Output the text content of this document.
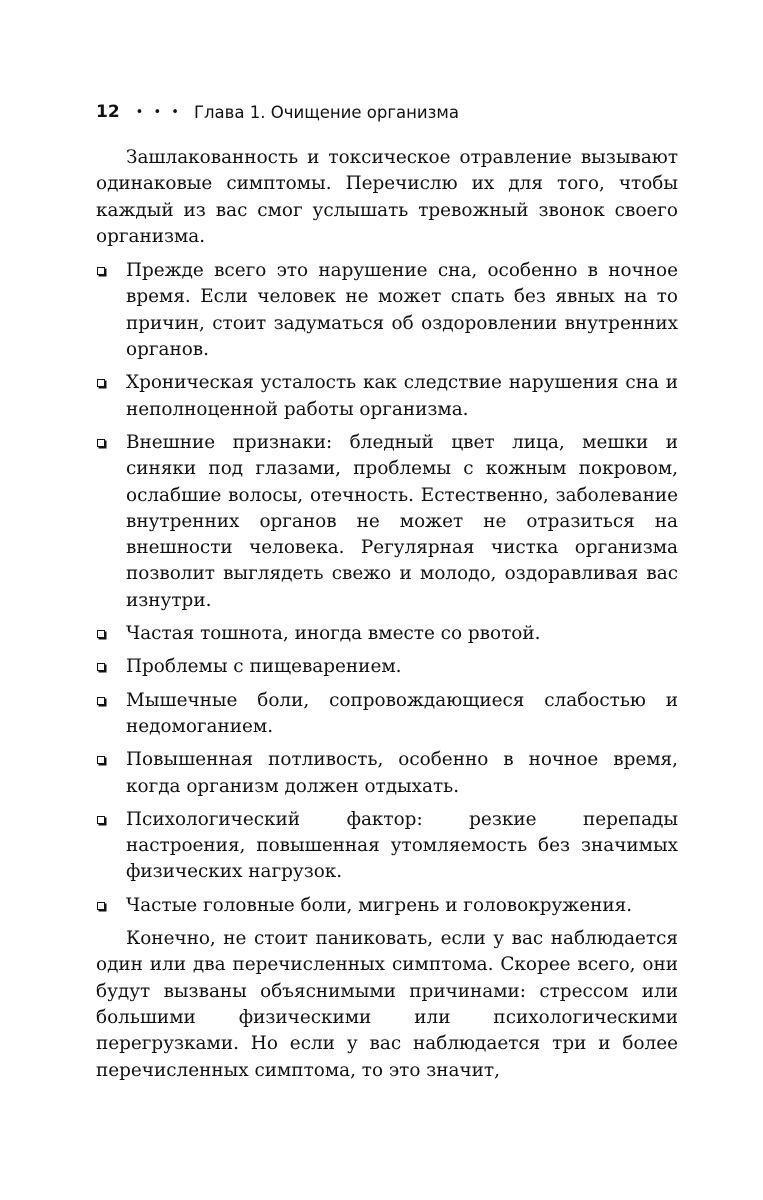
12 • • • Глава 1. Очищение организма

Зашлакованность и токсическое отравление вызывают одинаковые симптомы. Перечислю их для того, чтобы каждый из вас смог услышать тревожный звонок своего организма.

Прежде всего это нарушение сна, особенно в ночное время. Если человек не может спать без явных на то причин, стоит задуматься об оздоровлении внутренних органов.
Хроническая усталость как следствие нарушения сна и неполноценной работы организма.
Внешние признаки: бледный цвет лица, мешки и синяки под глазами, проблемы с кожным покровом, ослабшие волосы, отечность. Естественно, заболевание внутренних органов не может не отразиться на внешности человека. Регулярная чистка организма позволит выглядеть свежо и молодо, оздоравливая вас изнутри.
Частая тошнота, иногда вместе со рвотой.
Проблемы с пищеварением.
Мышечные боли, сопровождающиеся слабостью и недомоганием.
Повышенная потливость, особенно в ночное время, когда организм должен отдыхать.
Психологический фактор: резкие перепады настроения, повышенная утомляемость без значимых физических нагрузок.
Частые головные боли, мигрень и головокружения.

Конечно, не стоит паниковать, если у вас наблюдается один или два перечисленных симптома. Скорее всего, они будут вызваны объяснимыми причинами: стрессом или большими физическими или психологическими перегрузками. Но если у вас наблюдается три и более перечисленных симптома, то это значит,
